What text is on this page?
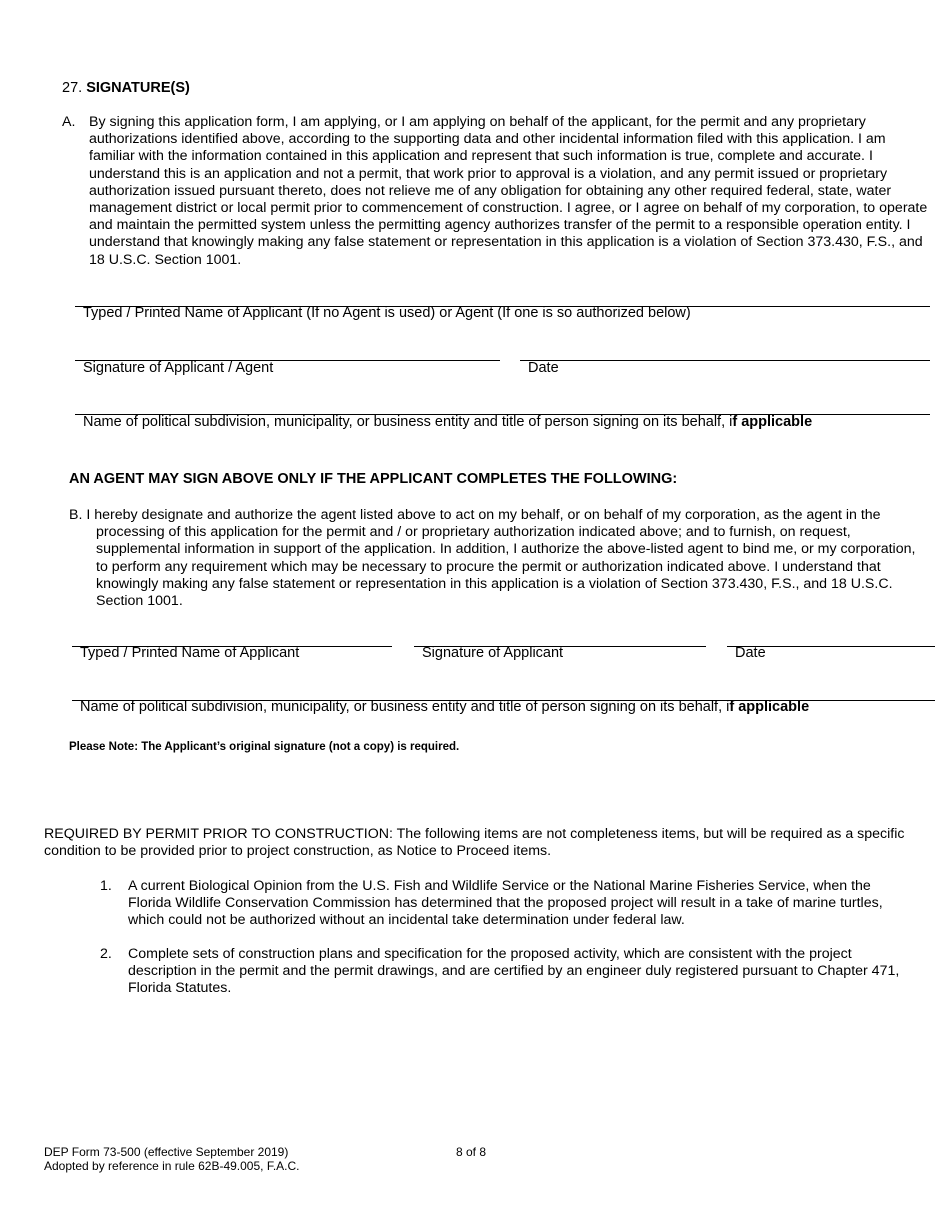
27. SIGNATURE(S)
A. By signing this application form, I am applying, or I am applying on behalf of the applicant, for the permit and any proprietary authorizations identified above, according to the supporting data and other incidental information filed with this application. I am familiar with the information contained in this application and represent that such information is true, complete and accurate. I understand this is an application and not a permit, that work prior to approval is a violation, and any permit issued or proprietary authorization issued pursuant thereto, does not relieve me of any obligation for obtaining any other required federal, state, water management district or local permit prior to commencement of construction. I agree, or I agree on behalf of my corporation, to operate and maintain the permitted system unless the permitting agency authorizes transfer of the permit to a responsible operation entity. I understand that knowingly making any false statement or representation in this application is a violation of Section 373.430, F.S., and 18 U.S.C. Section 1001.
Typed / Printed Name of Applicant (If no Agent is used) or Agent (If one is so authorized below)
Signature of Applicant / Agent	Date
Name of political subdivision, municipality, or business entity and title of person signing on its behalf, if applicable
AN AGENT MAY SIGN ABOVE ONLY IF THE APPLICANT COMPLETES THE FOLLOWING:
B. I hereby designate and authorize the agent listed above to act on my behalf, or on behalf of my corporation, as the agent in the processing of this application for the permit and / or proprietary authorization indicated above; and to furnish, on request, supplemental information in support of the application. In addition, I authorize the above-listed agent to bind me, or my corporation, to perform any requirement which may be necessary to procure the permit or authorization indicated above. I understand that knowingly making any false statement or representation in this application is a violation of Section 373.430, F.S., and 18 U.S.C. Section 1001.
Typed / Printed Name of Applicant	Signature of Applicant	Date
Name of political subdivision, municipality, or business entity and title of person signing on its behalf, if applicable
Please Note: The Applicant’s original signature (not a copy) is required.
REQUIRED BY PERMIT PRIOR TO CONSTRUCTION: The following items are not completeness items, but will be required as a specific condition to be provided prior to project construction, as Notice to Proceed items.
1. A current Biological Opinion from the U.S. Fish and Wildlife Service or the National Marine Fisheries Service, when the Florida Wildlife Conservation Commission has determined that the proposed project will result in a take of marine turtles, which could not be authorized without an incidental take determination under federal law.
2. Complete sets of construction plans and specification for the proposed activity, which are consistent with the project description in the permit and the permit drawings, and are certified by an engineer duly registered pursuant to Chapter 471, Florida Statutes.
DEP Form 73-500 (effective September 2019)
Adopted by reference in rule 62B-49.005, F.A.C.
8 of 8
